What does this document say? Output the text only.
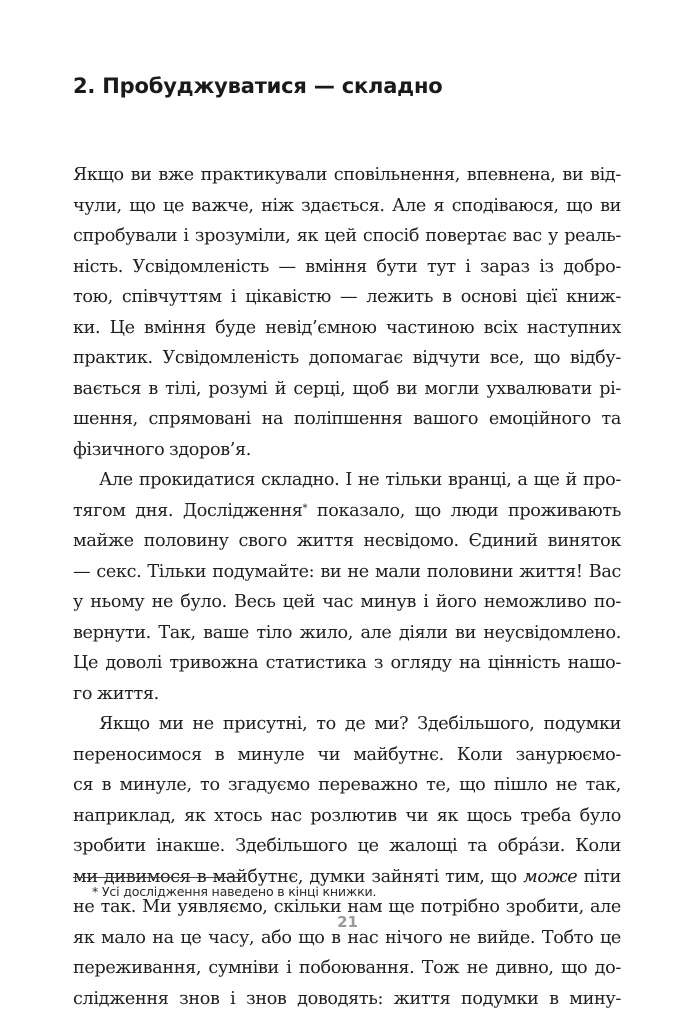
2. Пробуджуватися — складно
Якщо ви вже практикували сповільнення, впевнена, ви від-
чули, що це важче, ніж здається. Але я сподіваюся, що ви
спробували і зрозуміли, як цей спосіб повертає вас у реаль-
ність. Усвідомленість — вміння бути тут і зараз із добро-
тою, співчуттям і цікавістю — лежить в основі цієї книж-
ки. Це вміння буде невід’ємною частиною всіх наступних
практик. Усвідомленість допомагає відчути все, що відбу-
вається в тілі, розумі й серці, щоб ви могли ухвалювати рі-
шення, спрямовані на поліпшення вашого емоційного та
фізичного здоров’я.
Але прокидатися складно. І не тільки вранці, а ще й про-
тягом дня. Дослідження* показало, що люди проживають
майже половину свого життя несвідомо. Єдиний виняток
— секс. Тільки подумайте: ви не мали половини життя! Вас
у ньому не було. Весь цей час минув і його неможливо по-
вернути. Так, ваше тіло жило, але діяли ви неусвідомлено.
Це доволі тривожна статистика з огляду на цінність нашо-
го життя.
Якщо ми не присутні, то де ми? Здебільшого, подумки
переносимося в минуле чи майбутнє. Коли занурюємо-
ся в минуле, то згадуємо переважно те, що пішло не так,
наприклад, як хтось нас розлютив чи як щось треба було
зробити інакше. Здебільшого це жалощі та обрáзи. Коли
ми дивимося в майбутнє, думки зайняті тим, що може піти
не так. Ми уявляємо, скільки нам ще потрібно зробити, але
як мало на це часу, або що в нас нічого не вийде. Тобто це
переживання, сумніви і побоювання. Тож не дивно, що до-
слідження знов і знов доводять: життя подумки в мину-

* Усі дослідження наведено в кінці книжки.

21
